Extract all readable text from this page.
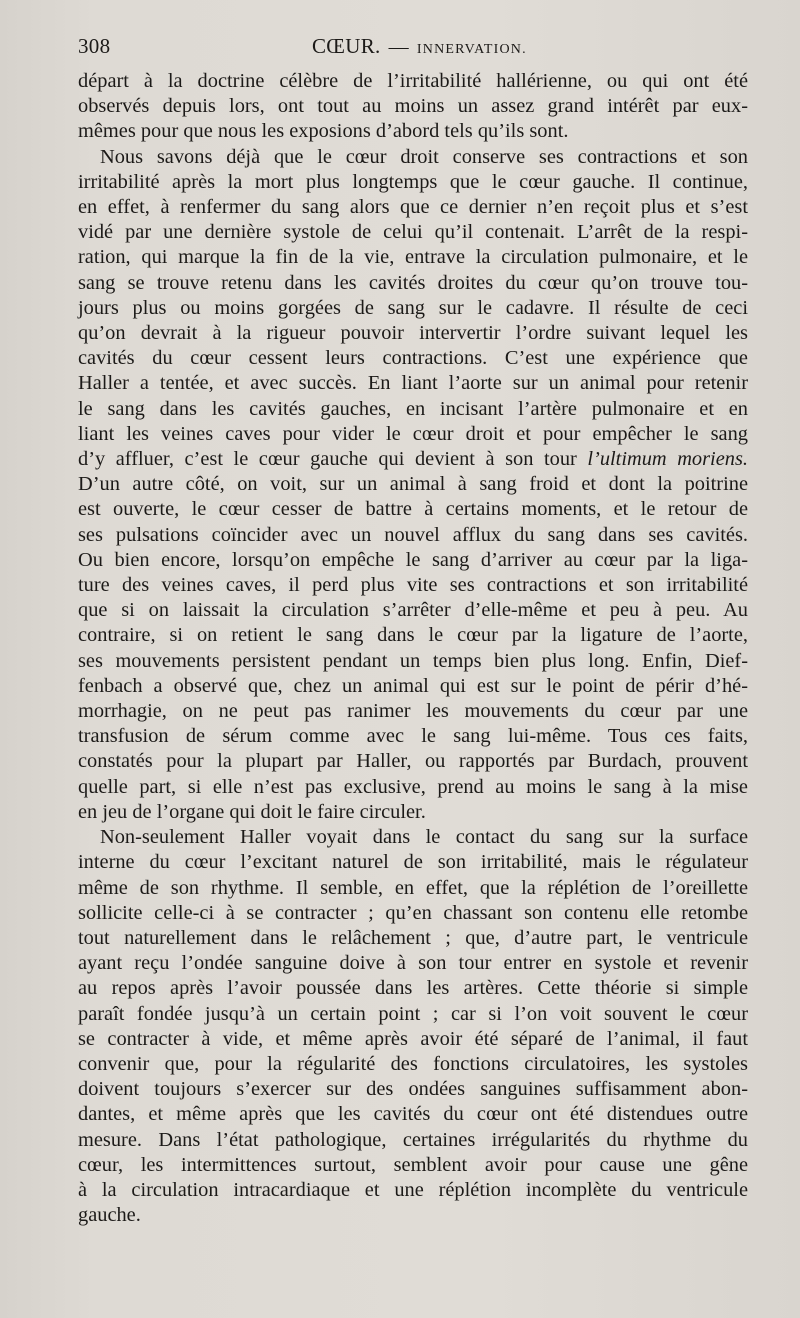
308	CŒUR. — INNERVATION.

départ à la doctrine célèbre de l’irritabilité hallérienne, ou qui ont été

observés depuis lors, ont tout au moins un assez grand intérêt par eux-

mêmes pour que nous les exposions d’abord tels qu’ils sont.

Nous savons déjà que le cœur droit conserve ses contractions et son

irritabilité après la mort plus longtemps que le cœur gauche. Il continue,

en effet, à renfermer du sang alors que ce dernier n’en reçoit plus et s’est

vidé par une dernière systole de celui qu’il contenait. L’arrêt de la respi-

ration, qui marque la fin de la vie, entrave la circulation pulmonaire, et le

sang se trouve retenu dans les cavités droites du cœur qu’on trouve tou-

jours plus ou moins gorgées de sang sur le cadavre. Il résulte de ceci

qu’on devrait à la rigueur pouvoir intervertir l’ordre suivant lequel les

cavités du cœur cessent leurs contractions. C’est une expérience que

Haller a tentée, et avec succès. En liant l’aorte sur un animal pour retenir

le sang dans les cavités gauches, en incisant l’artère pulmonaire et en

liant les veines caves pour vider le cœur droit et pour empêcher le sang

d’y affluer, c’est le cœur gauche qui devient à son tour l’ultimum moriens.

D’un autre côté, on voit, sur un animal à sang froid et dont la poitrine

est ouverte, le cœur cesser de battre à certains moments, et le retour de

ses pulsations coïncider avec un nouvel afflux du sang dans ses cavités.

Ou bien encore, lorsqu’on empêche le sang d’arriver au cœur par la liga-

ture des veines caves, il perd plus vite ses contractions et son irritabilité

que si on laissait la circulation s’arrêter d’elle-même et peu à peu. Au

contraire, si on retient le sang dans le cœur par la ligature de l’aorte,

ses mouvements persistent pendant un temps bien plus long. Enfin, Dief-

fenbach a observé que, chez un animal qui est sur le point de périr d’hé-

morrhagie, on ne peut pas ranimer les mouvements du cœur par une

transfusion de sérum comme avec le sang lui-même. Tous ces faits,

constatés pour la plupart par Haller, ou rapportés par Burdach, prouvent

quelle part, si elle n’est pas exclusive, prend au moins le sang à la mise

en jeu de l’organe qui doit le faire circuler.

Non-seulement Haller voyait dans le contact du sang sur la surface

interne du cœur l’excitant naturel de son irritabilité, mais le régulateur

même de son rhythme. Il semble, en effet, que la réplétion de l’oreillette

sollicite celle-ci à se contracter ; qu’en chassant son contenu elle retombe

tout naturellement dans le relâchement ; que, d’autre part, le ventricule

ayant reçu l’ondée sanguine doive à son tour entrer en systole et revenir

au repos après l’avoir poussée dans les artères. Cette théorie si simple

paraît fondée jusqu’à un certain point ; car si l’on voit souvent le cœur

se contracter à vide, et même après avoir été séparé de l’animal, il faut

convenir que, pour la régularité des fonctions circulatoires, les systoles

doivent toujours s’exercer sur des ondées sanguines suffisamment abon-

dantes, et même après que les cavités du cœur ont été distendues outre

mesure. Dans l’état pathologique, certaines irrégularités du rhythme du

cœur, les intermittences surtout, semblent avoir pour cause une gêne

à la circulation intracardiaque et une réplétion incomplète du ventricule

gauche.
